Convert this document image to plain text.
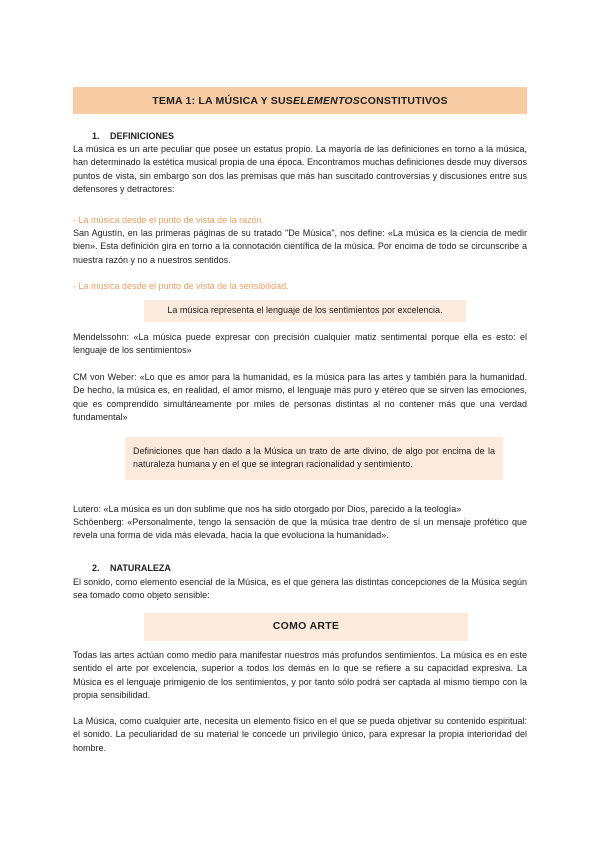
TEMA 1: LA MÚSICA Y SUS ELEMENTOS CONSTITUTIVOS
1. DEFINICIONES
La música es un arte peculiar que posee un estatus propio. La mayoría de las definiciones en torno a la música, han determinado la estética musical propia de una época. Encontramos muchas definiciones desde muy diversos puntos de vista, sin embargo son dos las premisas que más han suscitado controversias y discusiones entre sus defensores y detractores:
- La música desde el punto de vista de la razón.
San Agustín, en las primeras páginas de su tratado "De Música", nos define: «La música es la ciencia de medir bien». Esta definición gira en torno a la connotación científica de la música. Por encima de todo se circunscribe a nuestra razón y no a nuestros sentidos.
- La música desde el punto de vista de la sensibilidad.
La música representa el lenguaje de los sentimientos por excelencia.
Mendelssohn: «La música puede expresar con precisión cualquier matiz sentimental porque ella es esto: el lenguaje de los sentimientos»
CM von Weber: «Lo que es amor para la humanidad, es la música para las artes y también para la humanidad. De hecho, la música es, en realidad, el amor mismo, el lenguaje más puro y etéreo que se sirven las emociones, que es comprendido simultáneamente por miles de personas distintas al no contener más que una verdad fundamental»
Definiciones que han dado a la Música un trato de arte divino, de algo por encima de la naturaleza humana y en el que se integran racionalidad y sentimiento.
Lutero: «La música es un don sublime que nos ha sido otorgado por Dios, parecido a la teología»
Schöenberg: «Personalmente, tengo la sensación de que la música trae dentro de sí un mensaje profético que revela una forma de vida más elevada, hacia la que evoluciona la humanidad».
2. NATURALEZA
El sonido, como elemento esencial de la Música, es el que genera las distintas concepciones de la Música según sea tomado como objeto sensible:
COMO ARTE
Todas las artes actúan como medio para manifestar nuestros más profundos sentimientos. La música es en este sentido el arte por excelencia, superior a todos los demás en lo que se refiere a su capacidad expresiva. La Música es el lenguaje primigenio de los sentimientos, y por tanto sólo podrá ser captada al mismo tiempo con la propia sensibilidad.
La Música, como cualquier arte, necesita un elemento físico en el que se pueda objetivar su contenido espiritual: el sonido. La peculiaridad de su material le concede un privilegio único, para expresar la propia interioridad del hombre.
